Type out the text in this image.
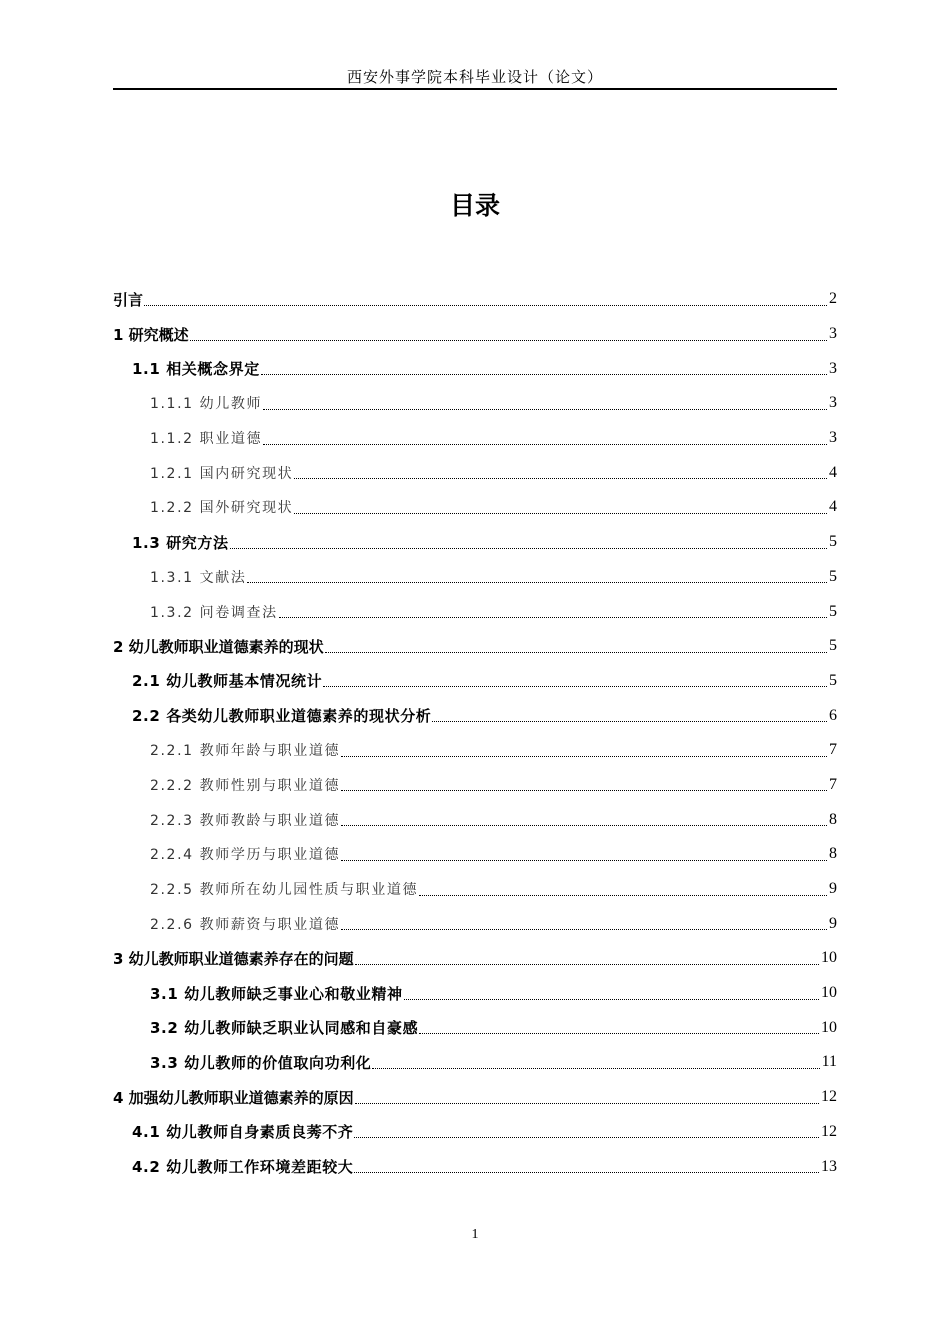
西安外事学院本科毕业设计（论文）
目录
引言	2
1 研究概述	3
1.1 相关概念界定	3
1.1.1 幼儿教师	3
1.1.2 职业道德	3
1.2.1 国内研究现状	4
1.2.2 国外研究现状	4
1.3 研究方法	5
1.3.1 文献法	5
1.3.2 问卷调查法	5
2 幼儿教师职业道德素养的现状	5
2.1 幼儿教师基本情况统计	5
2.2 各类幼儿教师职业道德素养的现状分析	6
2.2.1 教师年龄与职业道德	7
2.2.2 教师性别与职业道德	7
2.2.3 教师教龄与职业道德	8
2.2.4 教师学历与职业道德	8
2.2.5 教师所在幼儿园性质与职业道德	9
2.2.6 教师薪资与职业道德	9
3 幼儿教师职业道德素养存在的问题	10
3.1 幼儿教师缺乏事业心和敬业精神	10
3.2 幼儿教师缺乏职业认同感和自豪感	10
3.3 幼儿教师的价值取向功利化	11
4 加强幼儿教师职业道德素养的原因	12
4.1 幼儿教师自身素质良莠不齐	12
4.2 幼儿教师工作环境差距较大	13
1
